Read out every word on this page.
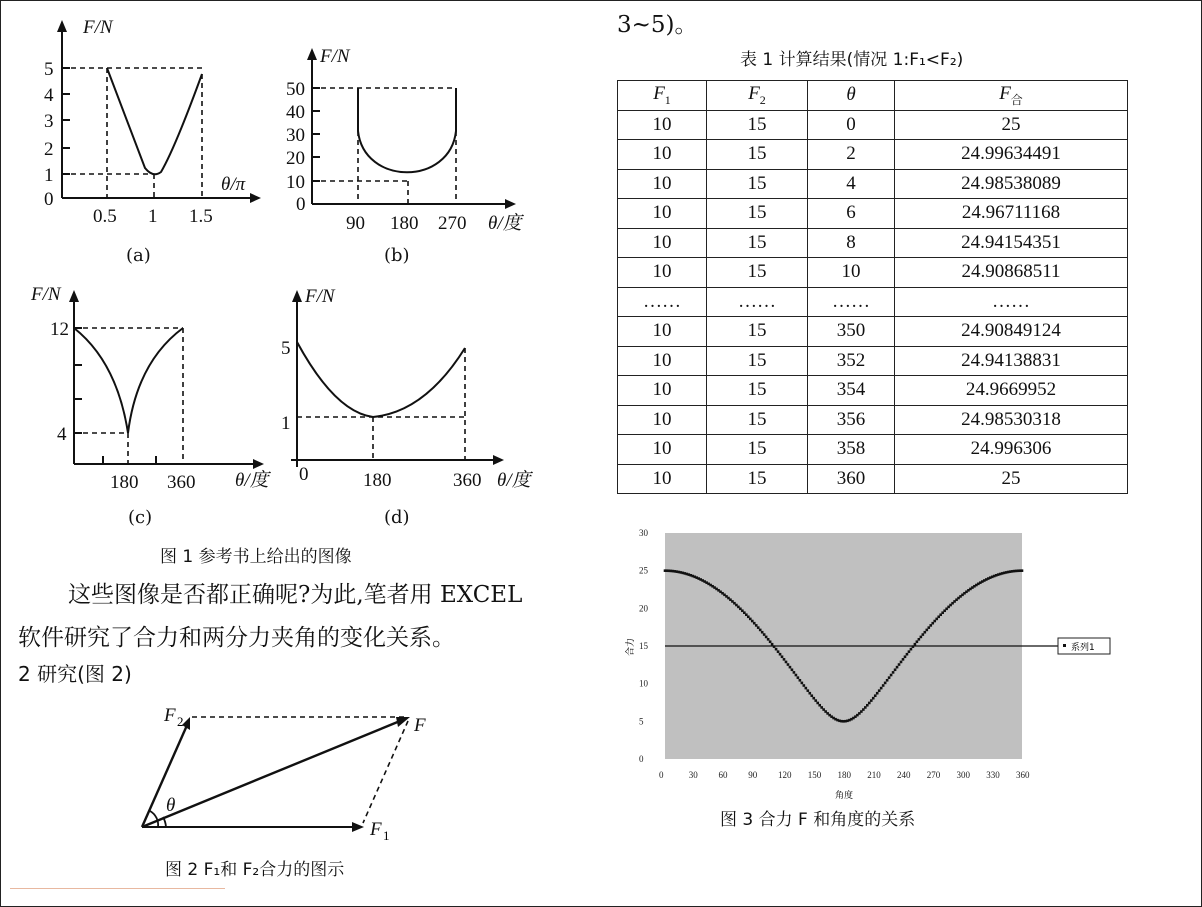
F/N
5
4
3
2
1
0
θ/π
0.5 1 1.5
(a)
F/N
50
40
30
20
10
0
90 180 270 θ/度
(b)
F/N
12
4
180 360 θ/度
(c)
F/N
5
1
0	180	360 θ/度
(d)
图 1 参考书上给出的图像
这些图像是否都正确呢?为此,笔者用 EXCEL
软件研究了合力和两分力夹角的变化关系。
2 研究(图 2)
3~5)。
θ
F 2	F
F 1
图 2 F₁和 F₂合力的图示
表 1 计算结果(情况 1:F₁<F₂)
$F_1$	$F_2$	θ	$F_合$
10	15	0	25
10	15	2	24.99634491
10	15	4	24.98538089
10	15	6	24.96711168
10	15	8	24.94154351
10	15	10	24.90868511
……	……	……	……
10	15	350	24.90849124
10	15	352	24.94138831
10	15	354	24.9669952
10	15	356	24.98530318
10	15	358	24.996306
10	15	360	25
30
25
20
15
10
5
0
0	30 60 90 120 150 180 210 240 270 300 330 360
合力
角度
系列1
图 3 合力 F 和角度的关系
